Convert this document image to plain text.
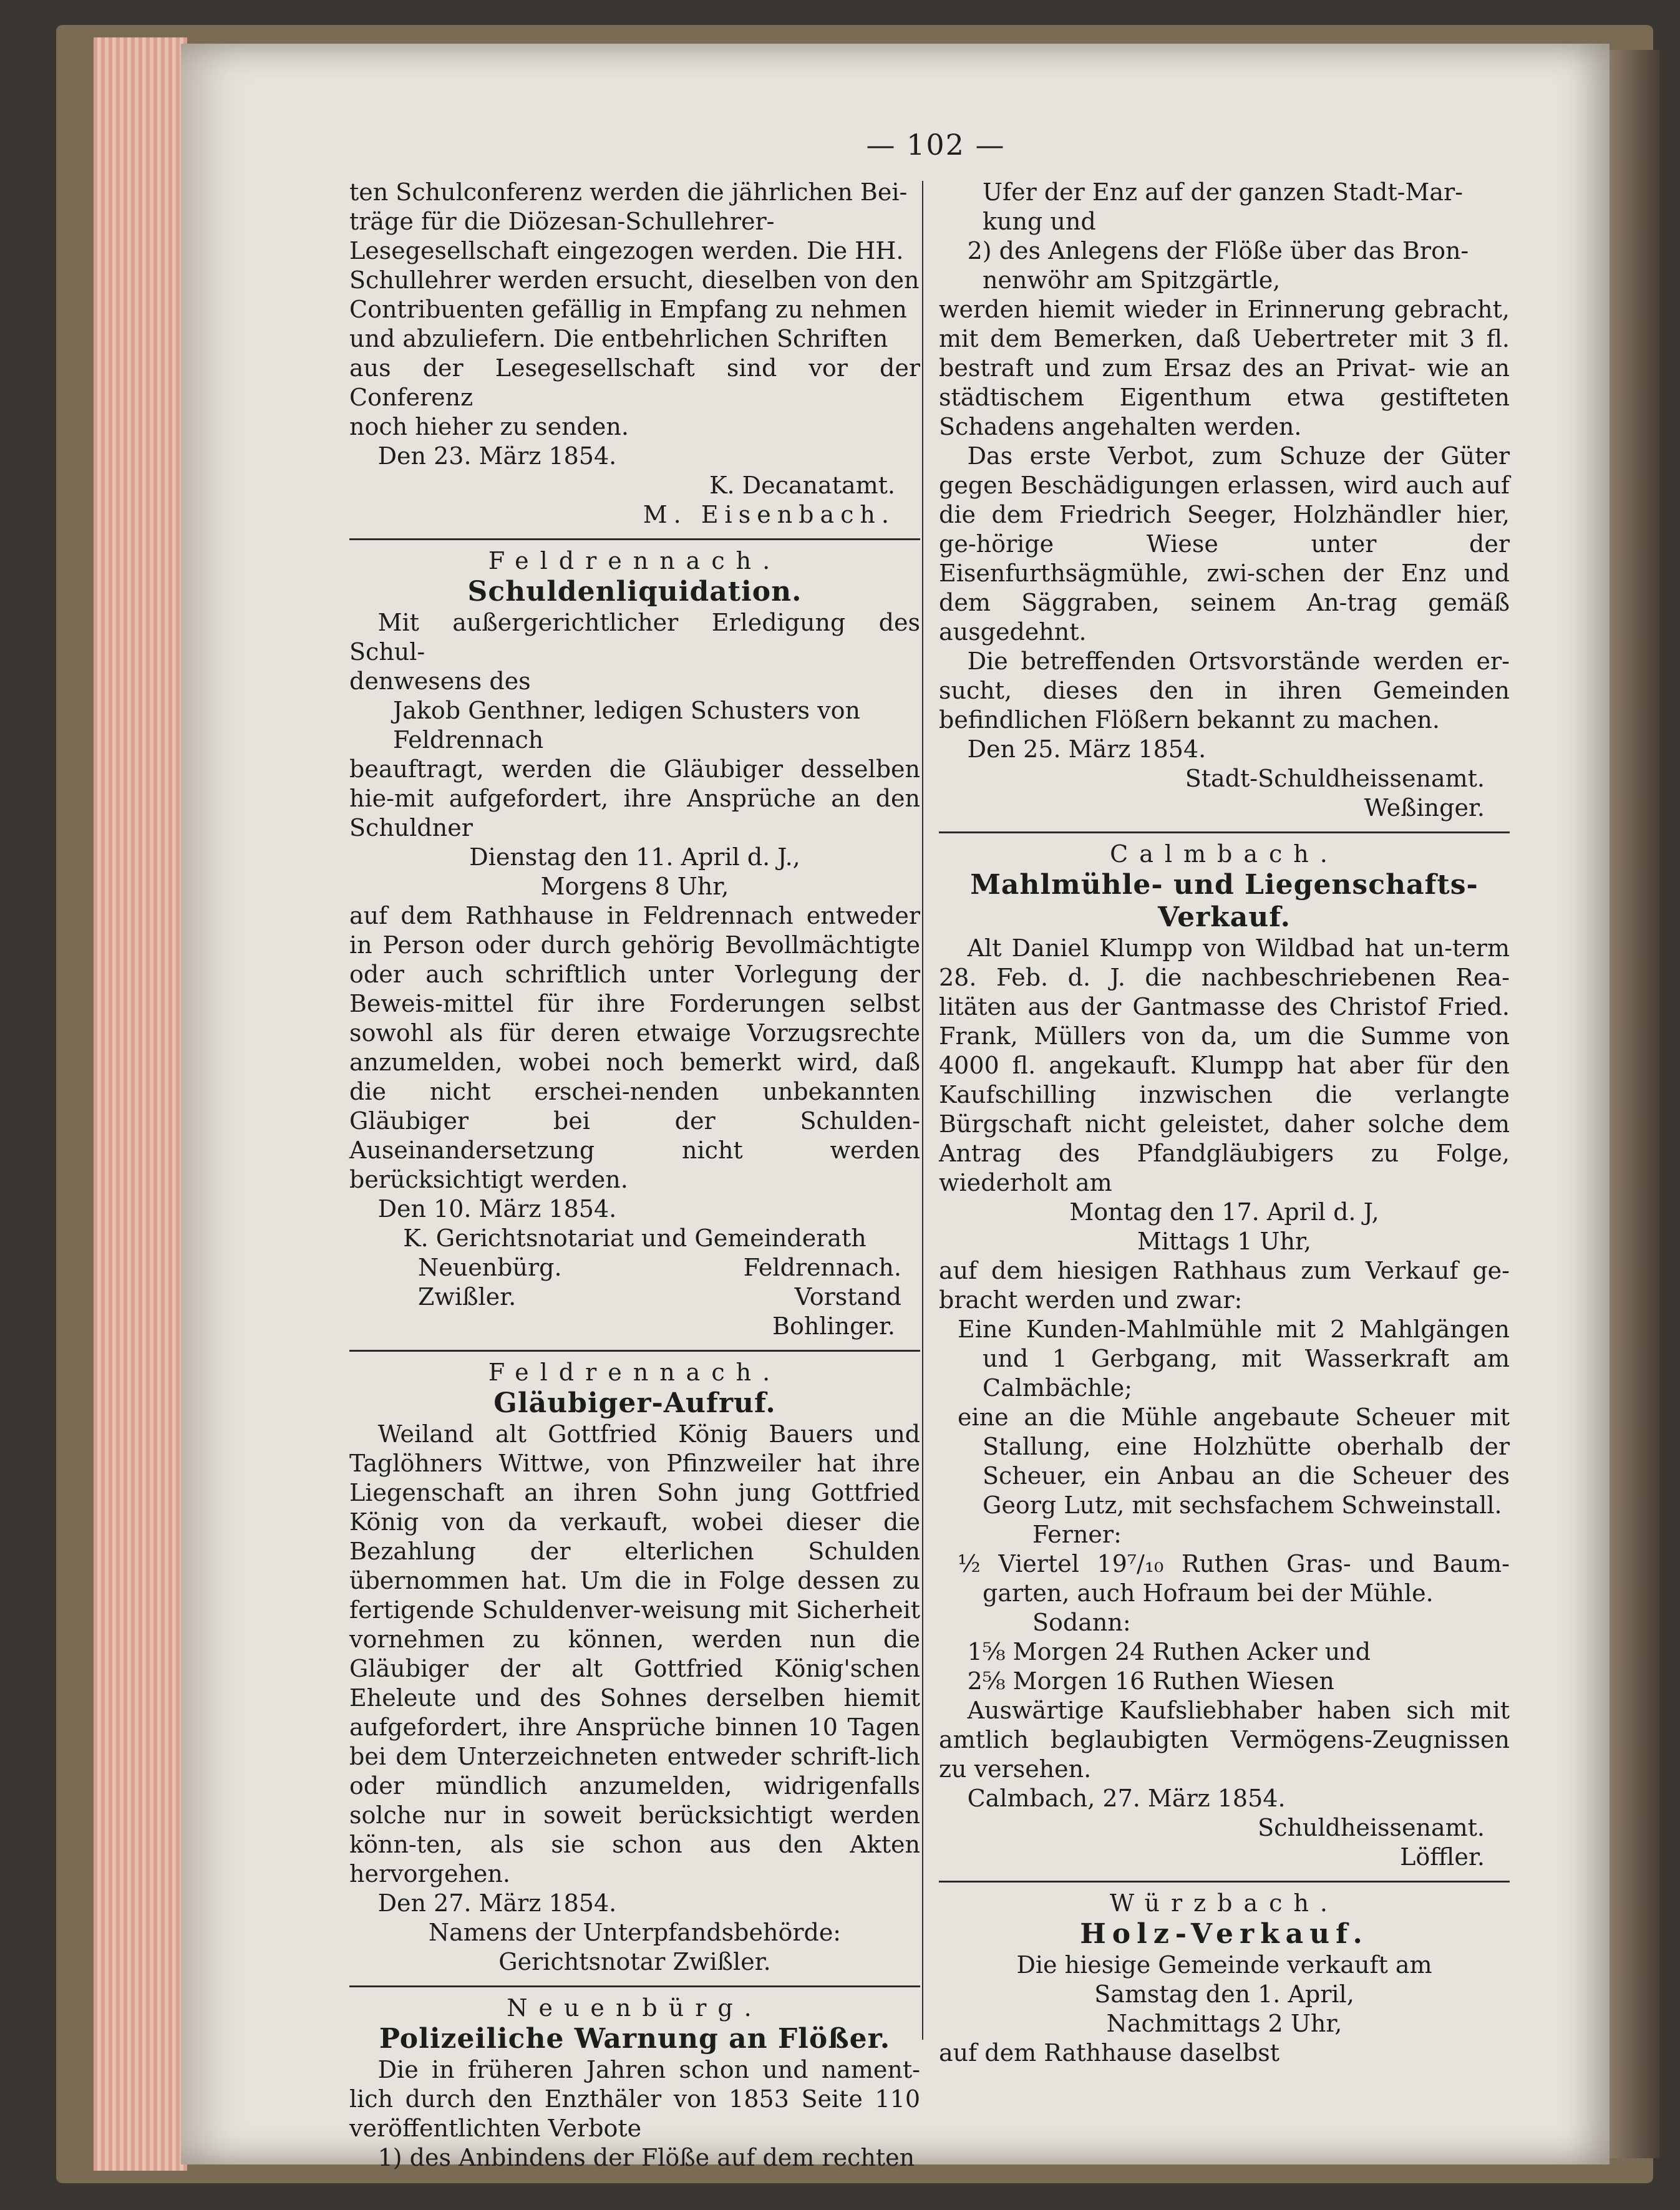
— 102 —

ten Schulconferenz werden die jährlichen Bei-

träge für die Diözesan-Schullehrer-

Lesegesellschaft eingezogen werden. Die HH.

Schullehrer werden ersucht, dieselben von den

Contribuenten gefällig in Empfang zu nehmen

und abzuliefern. Die entbehrlichen Schriften

aus der Lesegesellschaft sind vor der Conferenz

noch hieher zu senden.

Den 23. März 1854.

K. Decanatamt.

M. Eisenbach.

Feldrennach.

Schuldenliquidation.

Mit außergerichtlicher Erledigung des Schul-

denwesens des

Jakob Genthner, ledigen Schusters von

Feldrennach

beauftragt, werden die Gläubiger desselben hie-mit aufgefordert, ihre Ansprüche an den Schuldner

Dienstag den 11. April d. J.,

Morgens 8 Uhr,

auf dem Rathhause in Feldrennach entweder in Person oder durch gehörig Bevollmächtigte oder auch schriftlich unter Vorlegung der Beweis-mittel für ihre Forderungen selbst sowohl als für deren etwaige Vorzugsrechte anzumelden, wobei noch bemerkt wird, daß die nicht erschei-nenden unbekannten Gläubiger bei der Schulden-Auseinandersetzung nicht werden berücksichtigt werden.

Den 10. März 1854.

K. Gerichtsnotariat und Gemeinderath

Neuenbürg.	Feldrennach.
Zwißler.	Vorstand

Bohlinger.

Feldrennach.

Gläubiger-Aufruf.

Weiland alt Gottfried König Bauers und Taglöhners Wittwe, von Pfinzweiler hat ihre Liegenschaft an ihren Sohn jung Gottfried König von da verkauft, wobei dieser die Bezahlung der elterlichen Schulden übernommen hat. Um die in Folge dessen zu fertigende Schuldenver-weisung mit Sicherheit vornehmen zu können, werden nun die Gläubiger der alt Gottfried König'schen Eheleute und des Sohnes derselben hiemit aufgefordert, ihre Ansprüche binnen 10 Tagen bei dem Unterzeichneten entweder schrift-lich oder mündlich anzumelden, widrigenfalls solche nur in soweit berücksichtigt werden könn-ten, als sie schon aus den Akten hervorgehen.

Den 27. März 1854.

Namens der Unterpfandsbehörde:

Gerichtsnotar Zwißler.

Neuenbürg.

Polizeiliche Warnung an Flößer.

Die in früheren Jahren schon und nament-lich durch den Enzthäler von 1853 Seite 110 veröffentlichten Verbote

1) des Anbindens der Flöße auf dem rechten

Ufer der Enz auf der ganzen Stadt-Mar-

kung und

2) des Anlegens der Flöße über das Bron-

nenwöhr am Spitzgärtle,

werden hiemit wieder in Erinnerung gebracht, mit dem Bemerken, daß Uebertreter mit 3 fl. bestraft und zum Ersaz des an Privat- wie an städtischem Eigenthum etwa gestifteten Schadens angehalten werden.

Das erste Verbot, zum Schuze der Güter gegen Beschädigungen erlassen, wird auch auf die dem Friedrich Seeger, Holzhändler hier, ge-hörige Wiese unter der Eisenfurthsägmühle, zwi-schen der Enz und dem Säggraben, seinem An-trag gemäß ausgedehnt.

Die betreffenden Ortsvorstände werden er-sucht, dieses den in ihren Gemeinden befindlichen Flößern bekannt zu machen.

Den 25. März 1854.

Stadt-Schuldheissenamt.

Weßinger.

Calmbach.

Mahlmühle- und Liegenschafts-

Verkauf.

Alt Daniel Klumpp von Wildbad hat un-term 28. Feb. d. J. die nachbeschriebenen Rea-litäten aus der Gantmasse des Christof Fried. Frank, Müllers von da, um die Summe von 4000 fl. angekauft. Klumpp hat aber für den Kaufschilling inzwischen die verlangte Bürgschaft nicht geleistet, daher solche dem Antrag des Pfandgläubigers zu Folge, wiederholt am

Montag den 17. April d. J,

Mittags 1 Uhr,

auf dem hiesigen Rathhaus zum Verkauf ge-bracht werden und zwar:

Eine Kunden-Mahlmühle mit 2 Mahlgängen und 1 Gerbgang, mit Wasserkraft am Calmbächle;

eine an die Mühle angebaute Scheuer mit Stallung, eine Holzhütte oberhalb der Scheuer, ein Anbau an die Scheuer des Georg Lutz, mit sechsfachem Schweinstall.

Ferner:

½ Viertel 19⁷/₁₀ Ruthen Gras- und Baum-garten, auch Hofraum bei der Mühle.

Sodann:

1⅝ Morgen 24 Ruthen Acker und

2⅝ Morgen 16 Ruthen Wiesen

Auswärtige Kaufsliebhaber haben sich mit amtlich beglaubigten Vermögens-Zeugnissen zu versehen.

Calmbach, 27. März 1854.

Schuldheissenamt.

Löffler.

Würzbach.

Holz-Verkauf.

Die hiesige Gemeinde verkauft am

Samstag den 1. April,

Nachmittags 2 Uhr,

auf dem Rathhause daselbst
